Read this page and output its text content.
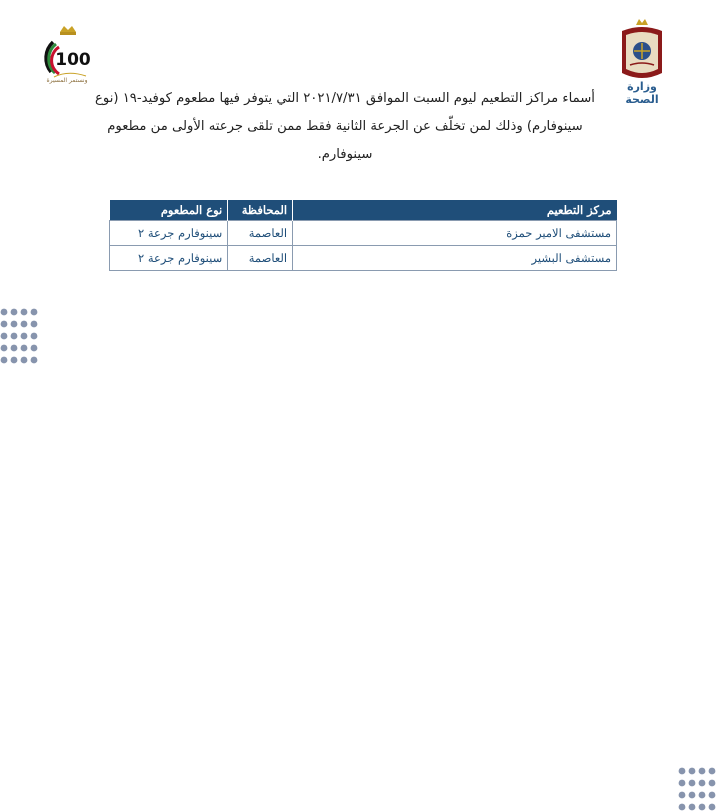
100
ونستمر المسيرة	وزارة الصحة
أسماء مراكز التطعيم ليوم السبت الموافق ٢٠٢١/٧/٣١ التي يتوفر فيها مطعوم كوفيد-١٩ (نوع سينوفارم) وذلك لمن تخلّف عن الجرعة الثانية فقط ممن تلقى جرعته الأولى من مطعوم سينوفارم.
مركز التطعيم	المحافظة	نوع المطعوم
مستشفى الامير حمزة	العاصمة	سينوفارم جرعة ٢
مستشفى البشير	العاصمة	سينوفارم جرعة ٢
